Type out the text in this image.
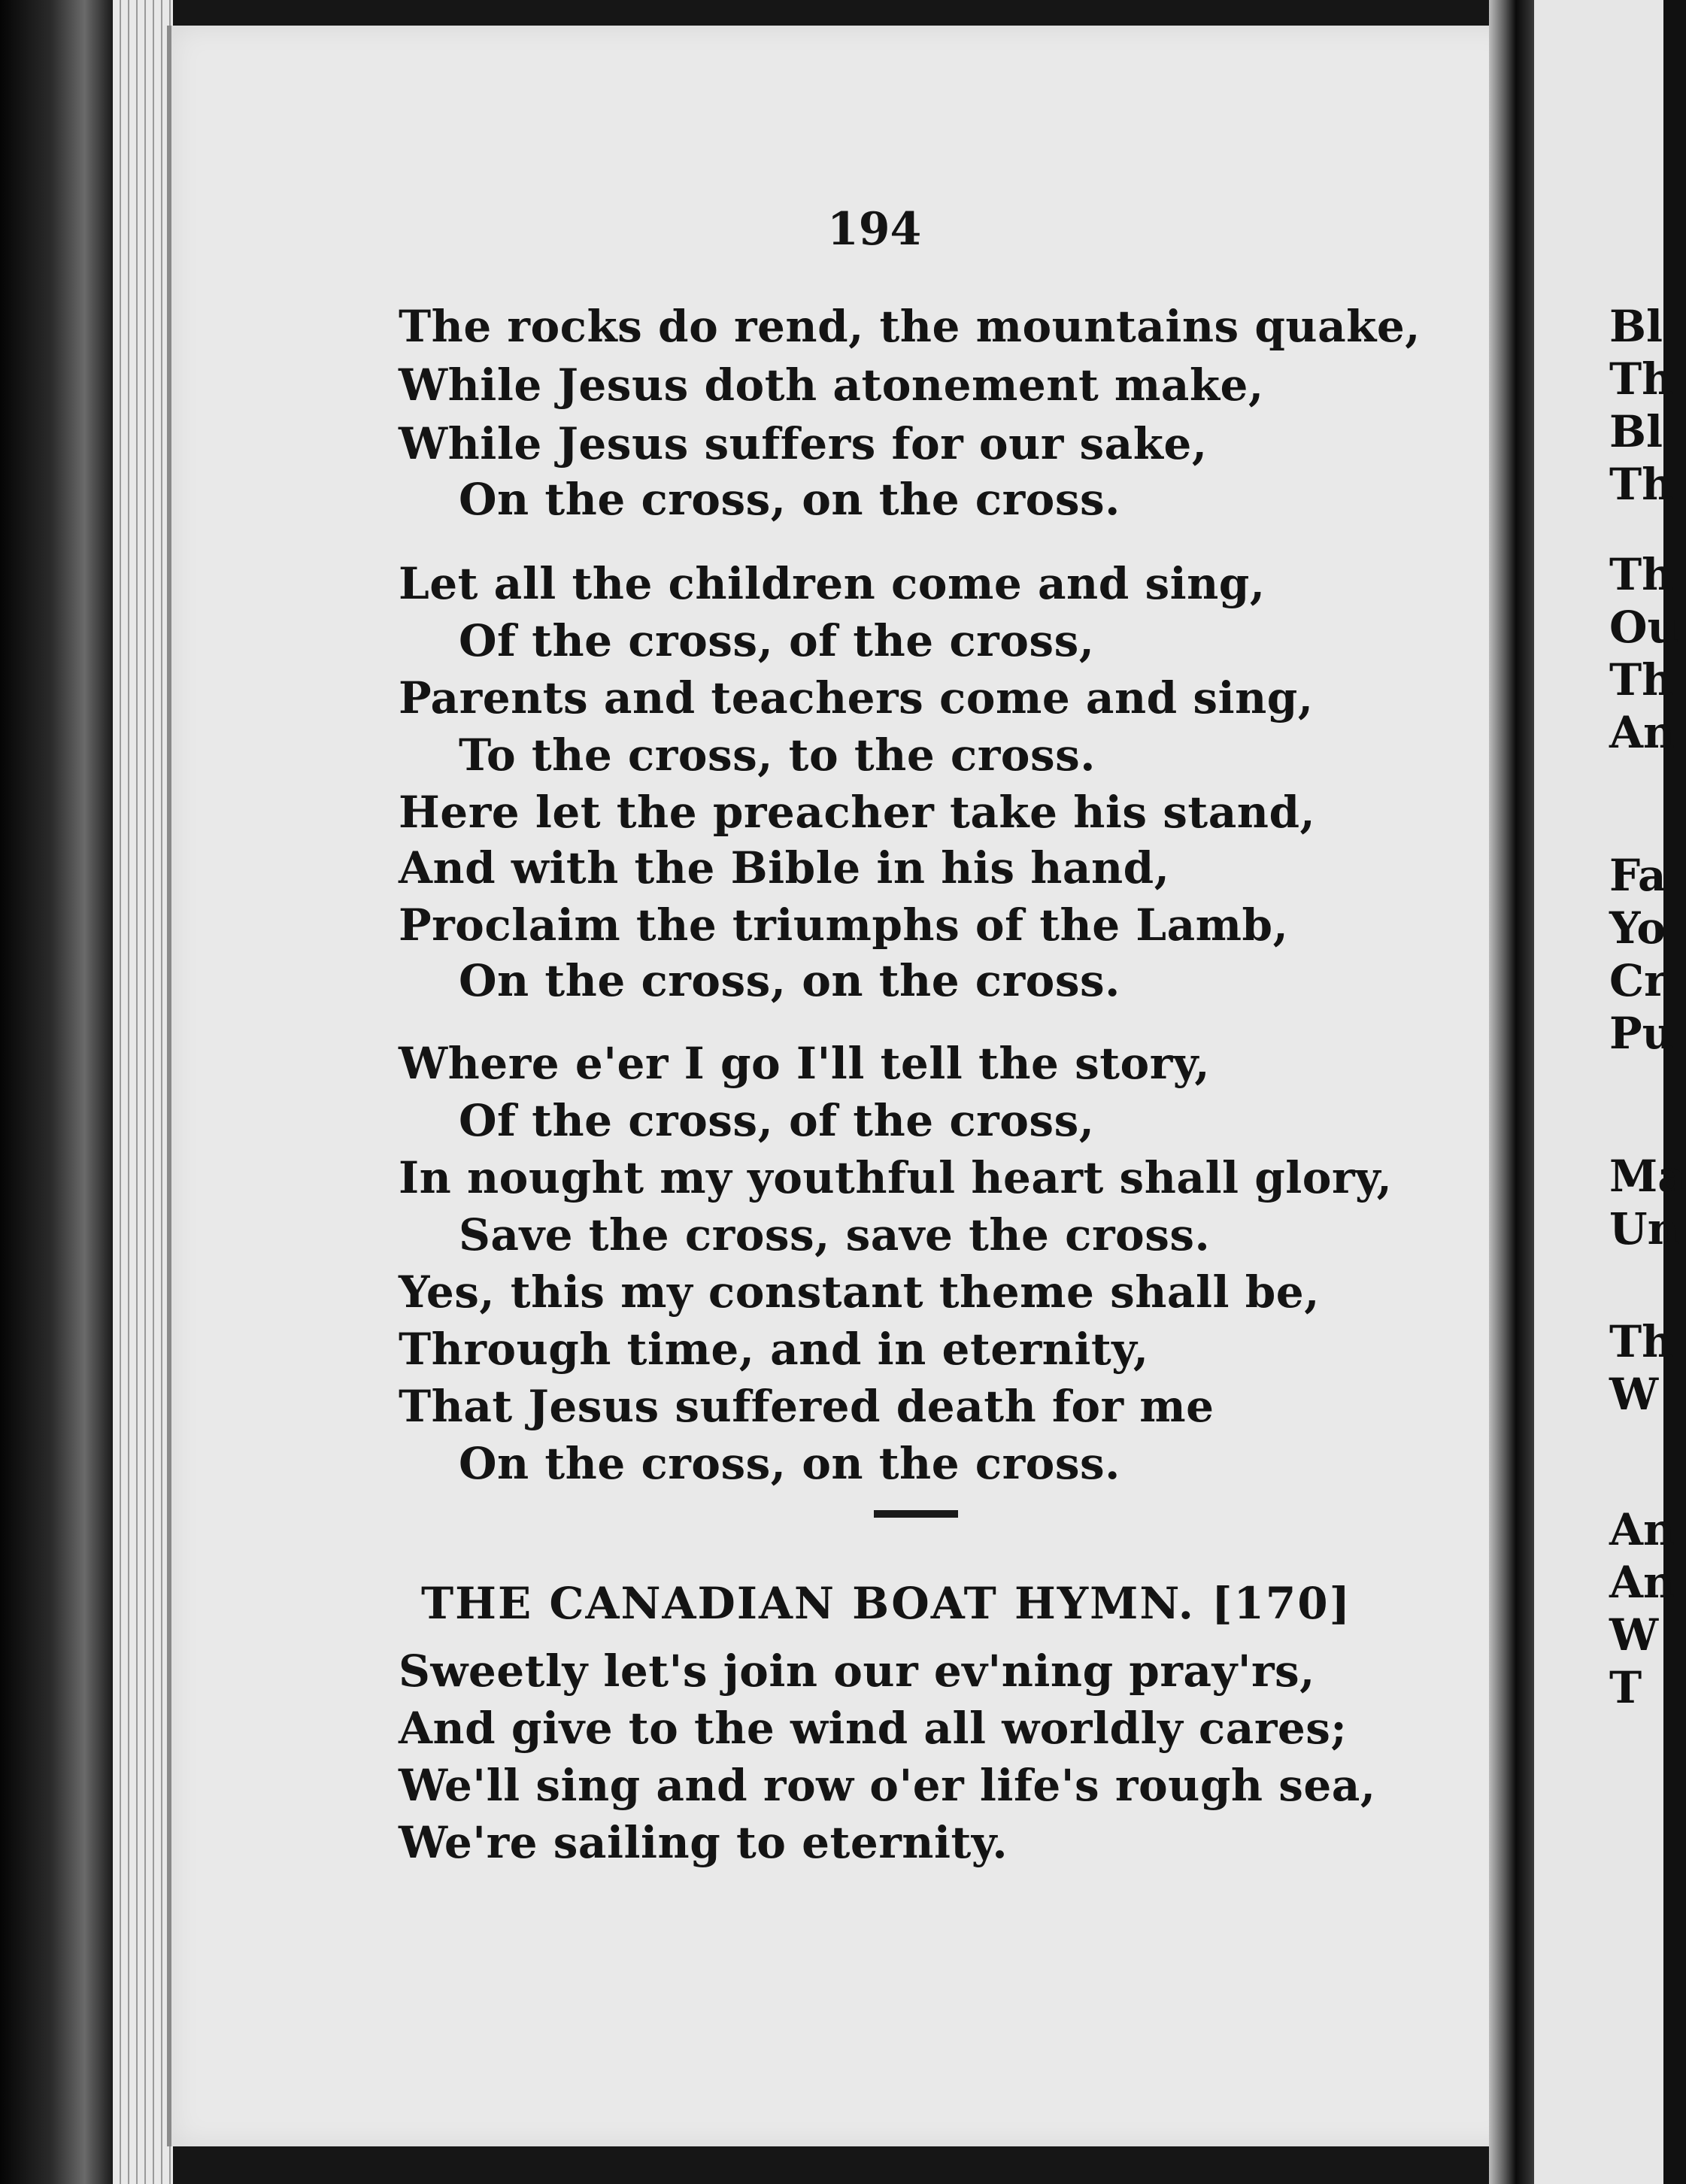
194
The rocks do rend, the mountains quake,
While Jesus doth atonement make,
While Jesus suffers for our sake,
On the cross, on the cross.
Let all the children come and sing,
Of the cross, of the cross,
Parents and teachers come and sing,
To the cross, to the cross.
Here let the preacher take his stand,
And with the Bible in his hand,
Proclaim the triumphs of the Lamb,
On the cross, on the cross.
Where e'er I go I'll tell the story,
Of the cross, of the cross,
In nought my youthful heart shall glory,
Save the cross, save the cross.
Yes, this my constant theme shall be,
Through time, and in eternity,
That Jesus suffered death for me
On the cross, on the cross.
THE CANADIAN BOAT HYMN. [170]
Sweetly let's join our ev'ning pray'rs,
And give to the wind all worldly cares;
We'll sing and row o'er life's rough sea,
We're sailing to eternity.
Bl
Th
Bl
Th
Th
Ou
Th
An
Fa
Yo
Cr
Pu
Ma
Un
Th
W
An
An
W
T
